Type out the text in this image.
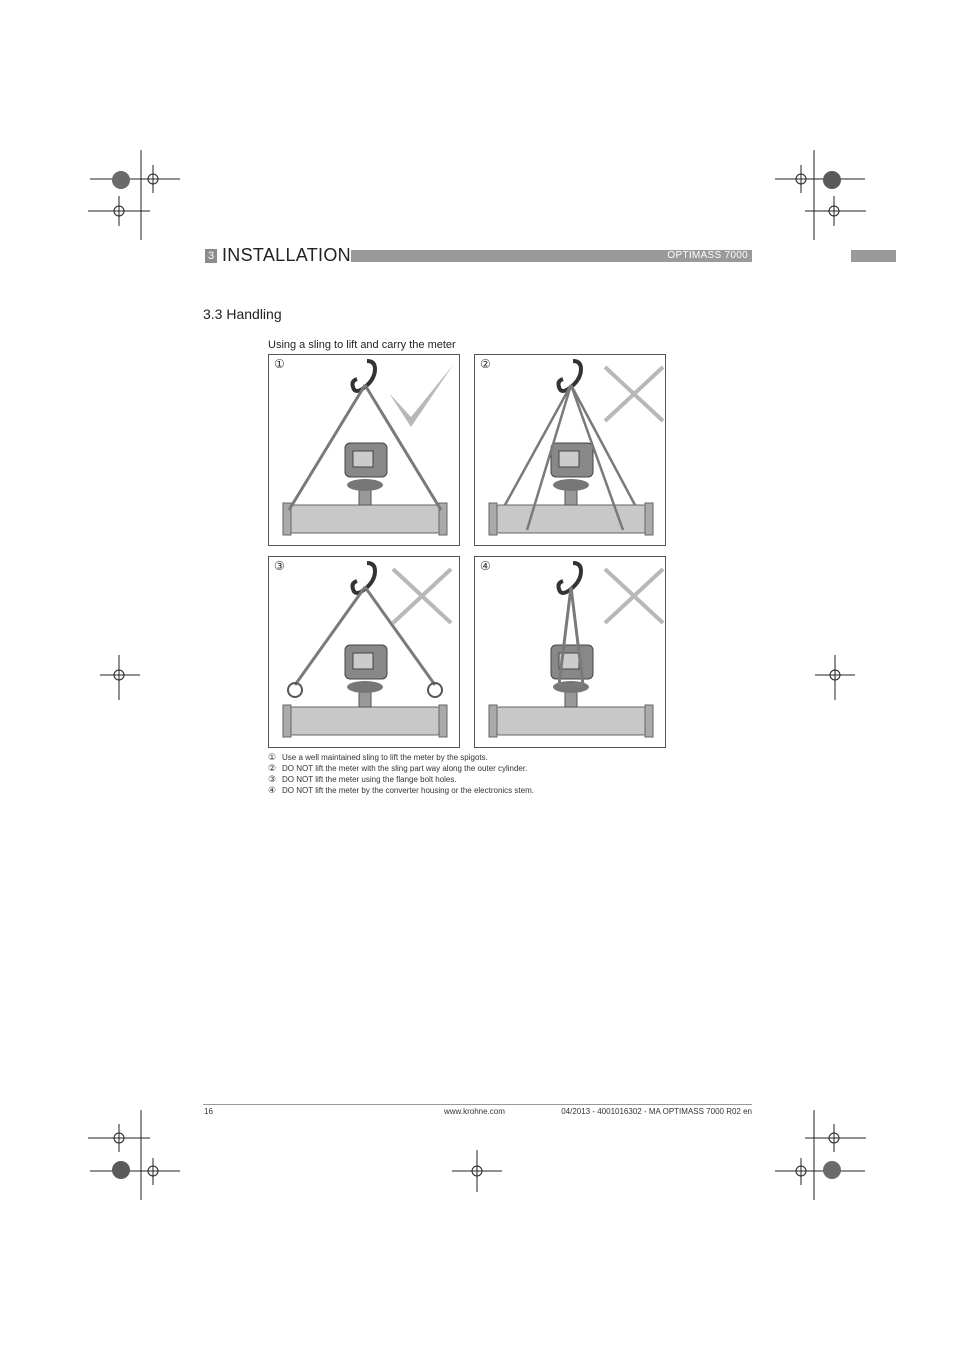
3 INSTALLATION	OPTIMASS 7000
3.3 Handling
Using a sling to lift and carry the meter
①	②
③	④
① Use a well maintained sling to lift the meter by the spigots.
② DO NOT lift the meter with the sling part way along the outer cylinder.
③ DO NOT lift the meter using the flange bolt holes.
④ DO NOT lift the meter by the converter housing or the electronics stem.
16	www.krohne.com	04/2013 - 4001016302 - MA OPTIMASS 7000 R02 en
